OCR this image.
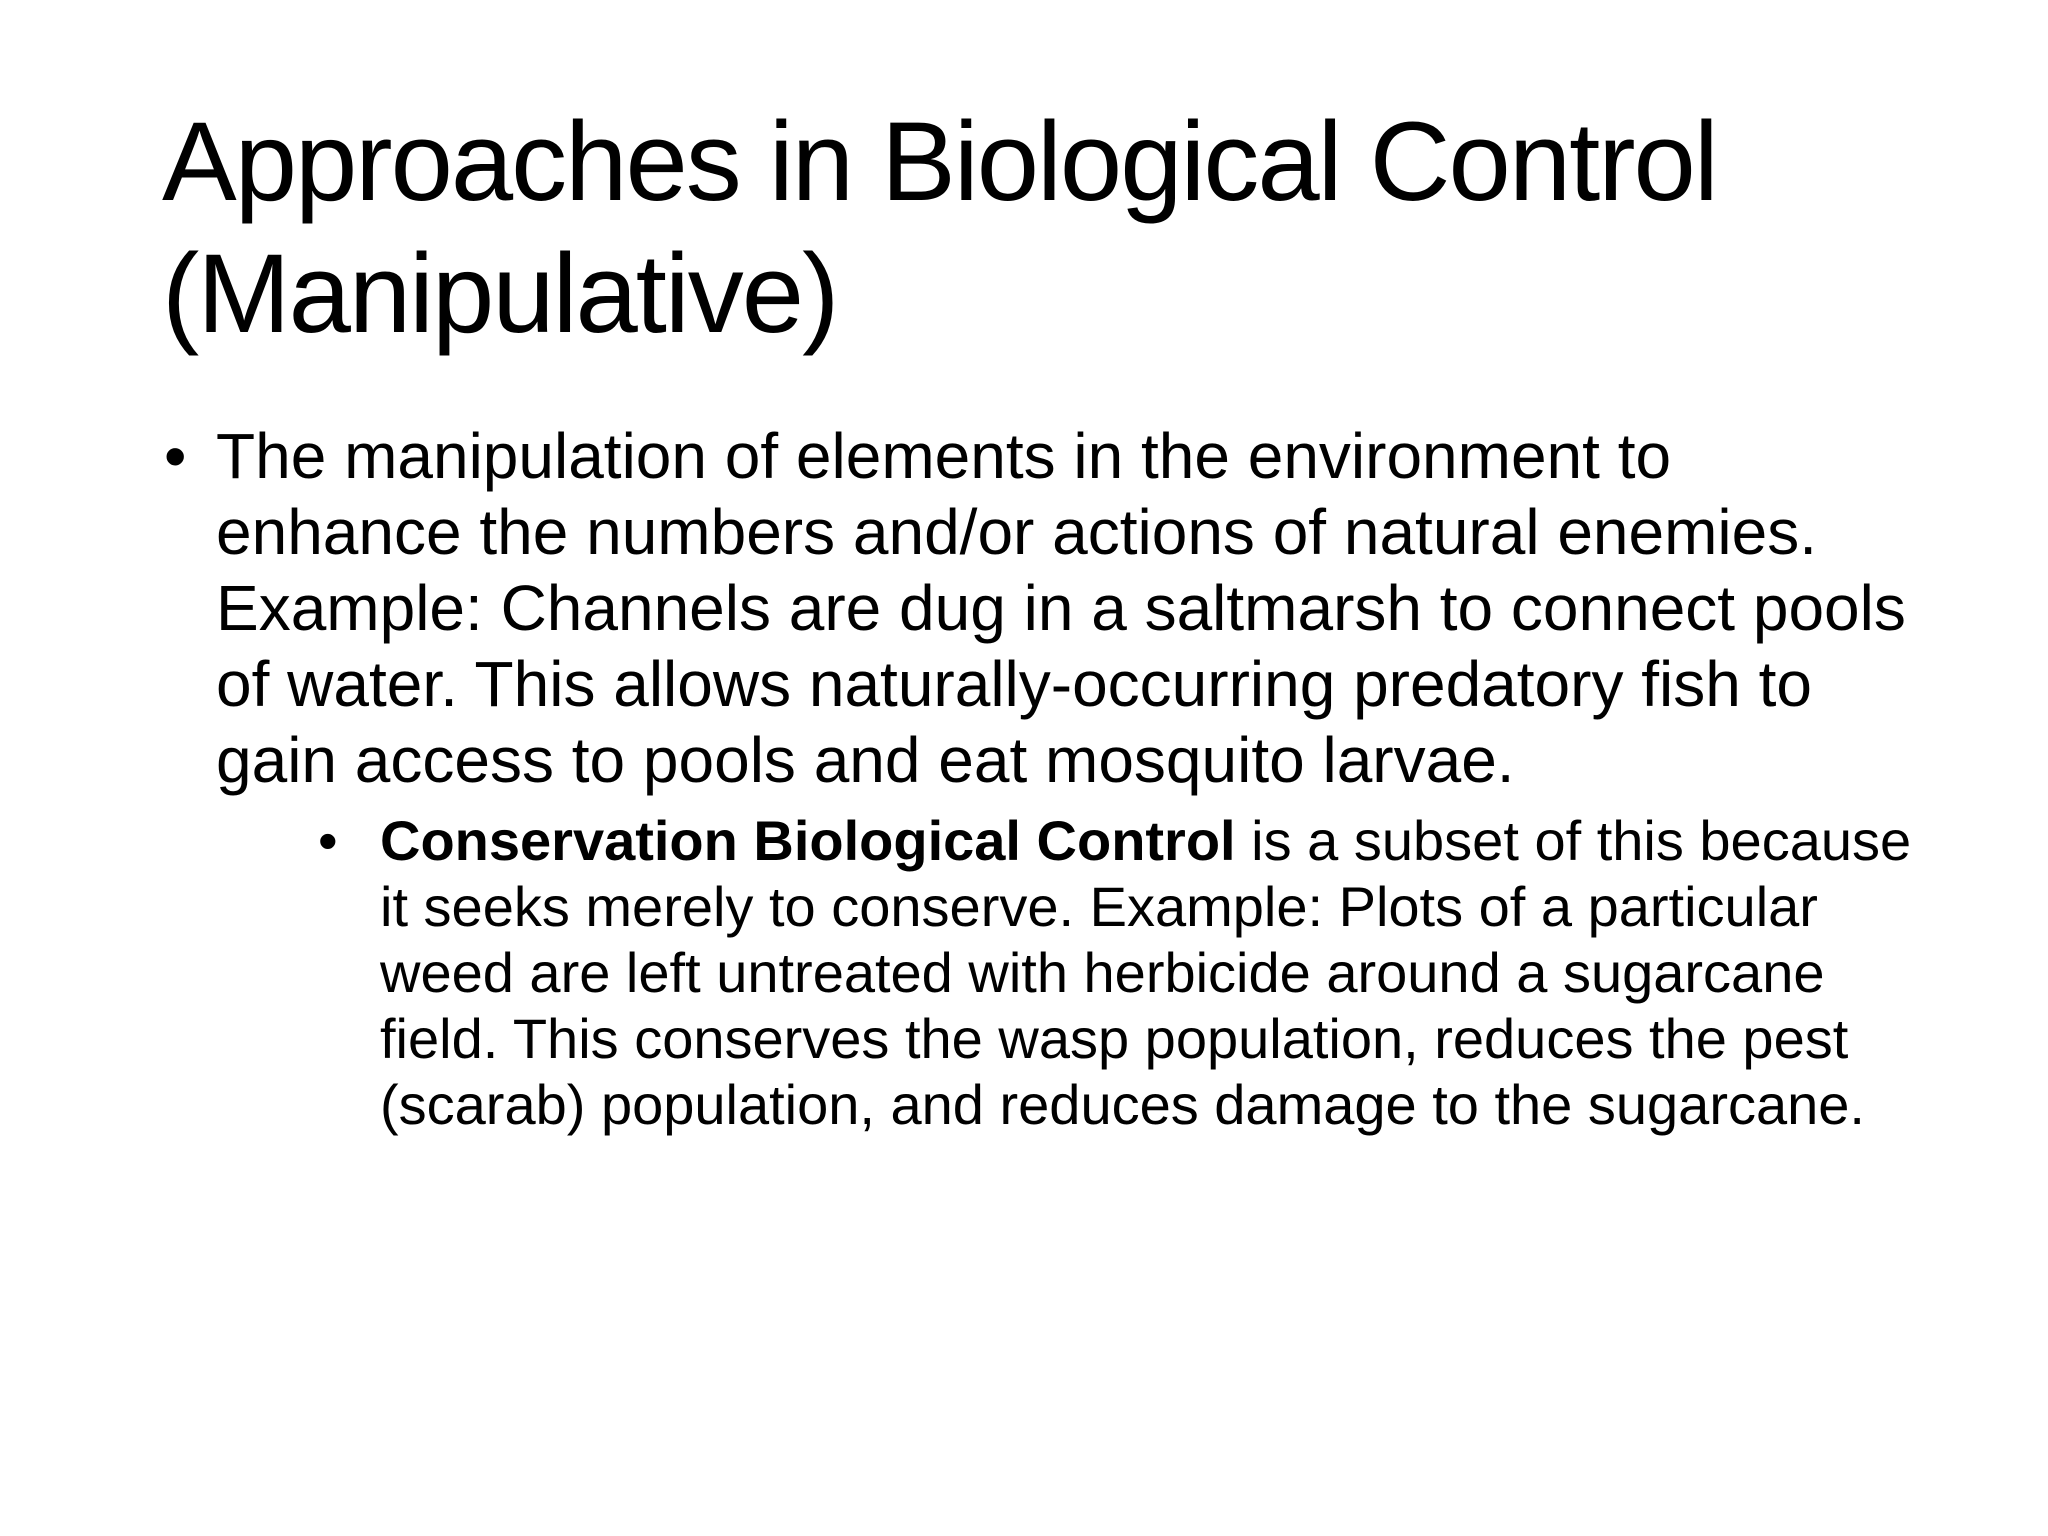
Approaches in Biological Control
(Manipulative)

• The manipulation of elements in the environment to enhance the numbers and/or actions of natural enemies. Example: Channels are dug in a saltmarsh to connect pools of water. This allows naturally-occurring predatory fish to gain access to pools and eat mosquito larvae.

• Conservation Biological Control is a subset of this because it seeks merely to conserve. Example: Plots of a particular weed are left untreated with herbicide around a sugarcane field. This conserves the wasp population, reduces the pest (scarab) population, and reduces damage to the sugarcane.
